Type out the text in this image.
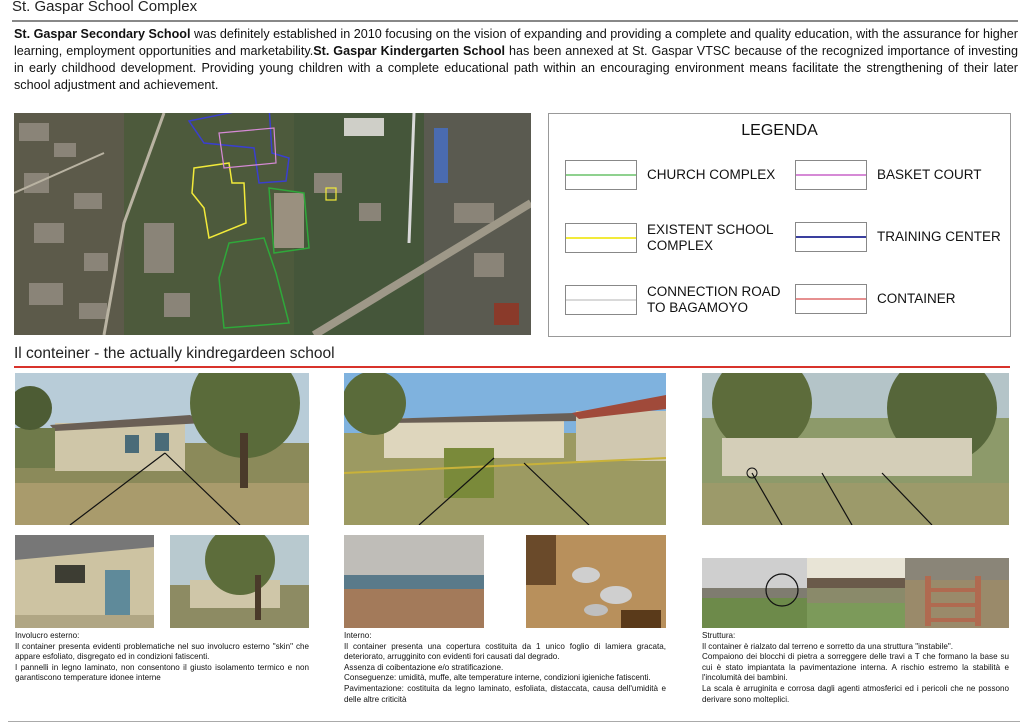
St. Gaspar School Complex
St. Gaspar Secondary School was definitely established in 2010 focusing on the vision of expanding and providing a complete and quality education, with the assurance for higher learning, employment opportunities and marketability.St. Gaspar Kindergarten School has been annexed at St. Gaspar VTSC because of the recognized importance of investing in early childhood development. Providing young children with a complete educational path within an encouraging environment means facilitate the strengthening of their later school adjustment and achievement.
LEGENDA
CHURCH COMPLEX	BASKET COURT
EXISTENT SCHOOL COMPLEX
TRAINING CENTER
CONNECTION ROAD TO BAGAMOYO
CONTAINER
Il conteiner - the actually kindregardeen school
Involucro esterno:
Il container presenta evidenti problematiche nel suo involucro esterno "skin" che appare esfoliato, disgregato ed in condizioni fatiscenti.
I pannelli in legno laminato, non consentono il giusto isolamento termico e non garantiscono temperature idonee interne
Interno:
Il container presenta una copertura costituita da 1 unico foglio di lamiera gracata, deteriorato, arrugginito con evidenti fori causati dal degrado.
Assenza di coibentazione e/o stratificazione.
Conseguenze: umidità, muffe, alte temperature interne, condizioni igieniche fatiscenti.
Pavimentazione: costituita da legno laminato, esfoliata, distaccata, causa dell'umidità e delle altre criticità
Struttura:
Il container è rialzato dal terreno e sorretto da una struttura "instabile".
Compaiono dei blocchi di pietra a sorreggere delle travi a T che formano la base su cui è stato impiantata la pavimentazione interna. A rischio estremo la stabilità e l'incolumità dei bambini.
La scala è arruginita e corrosa dagli agenti atmosferici ed i pericoli che ne possono derivare sono molteplici.
